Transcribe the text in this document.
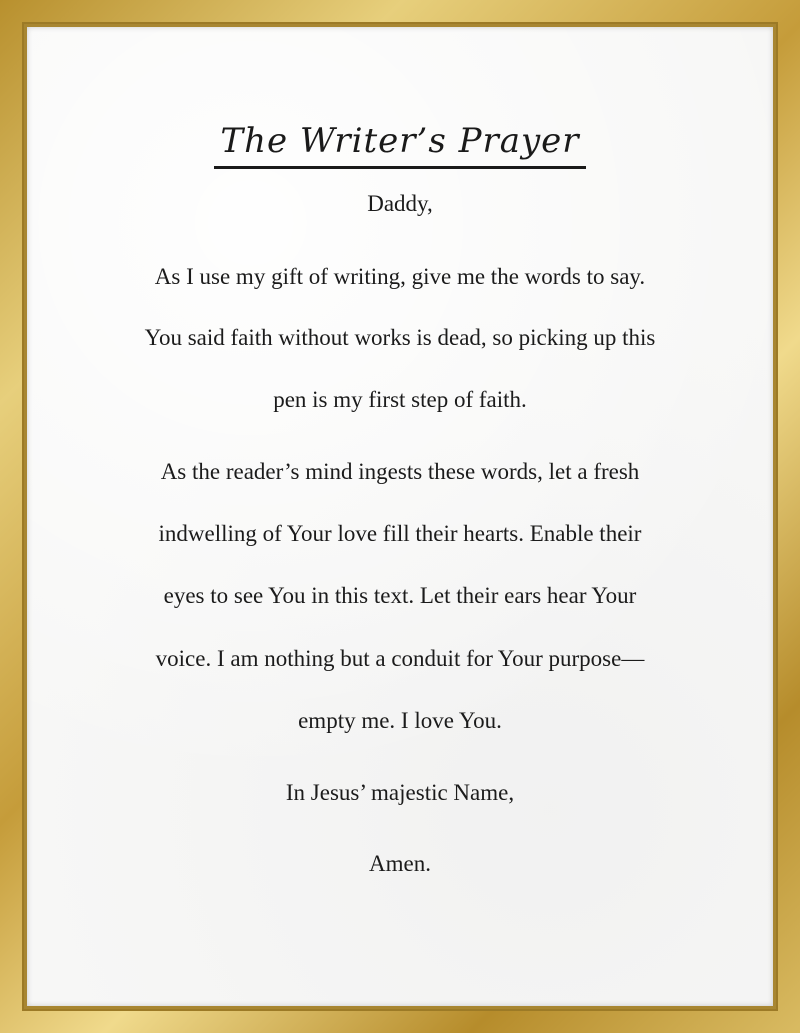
The Writer’s Prayer
Daddy,
As I use my gift of writing, give me the words to say.
You said faith without works is dead, so picking up this
pen is my first step of faith.
As the reader’s mind ingests these words, let a fresh
indwelling of Your love fill their hearts. Enable their
eyes to see You in this text. Let their ears hear Your
voice. I am nothing but a conduit for Your purpose—
empty me. I love You.
In Jesus’ majestic Name,
Amen.
